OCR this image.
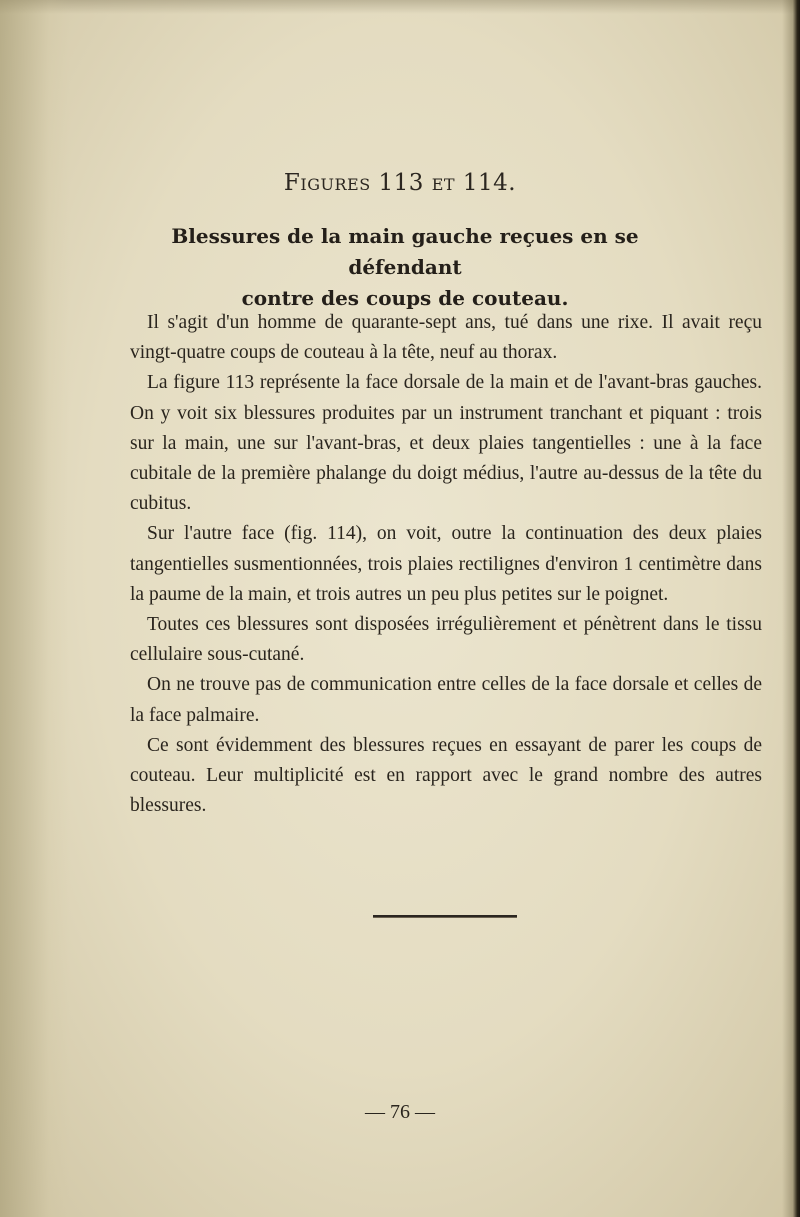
Figures 113 et 114.
Blessures de la main gauche reçues en se défendant
contre des coups de couteau.

Il s'agit d'un homme de quarante-sept ans, tué dans une rixe. Il avait reçu vingt-quatre coups de couteau à la tête, neuf au thorax.

La figure 113 représente la face dorsale de la main et de l'avant-bras gauches. On y voit six blessures produites par un instrument tranchant et piquant : trois sur la main, une sur l'avant-bras, et deux plaies tangentielles : une à la face cubitale de la première phalange du doigt médius, l'autre au-dessus de la tête du cubitus.

Sur l'autre face (fig. 114), on voit, outre la continuation des deux plaies tangentielles susmentionnées, trois plaies rectilignes d'environ 1 centimètre dans la paume de la main, et trois autres un peu plus petites sur le poignet.

Toutes ces blessures sont disposées irrégulièrement et pénètrent dans le tissu cellulaire sous-cutané.

On ne trouve pas de communication entre celles de la face dorsale et celles de la face palmaire.

Ce sont évidemment des blessures reçues en essayant de parer les coups de couteau. Leur multiplicité est en rapport avec le grand nombre des autres blessures.

— 76 —
